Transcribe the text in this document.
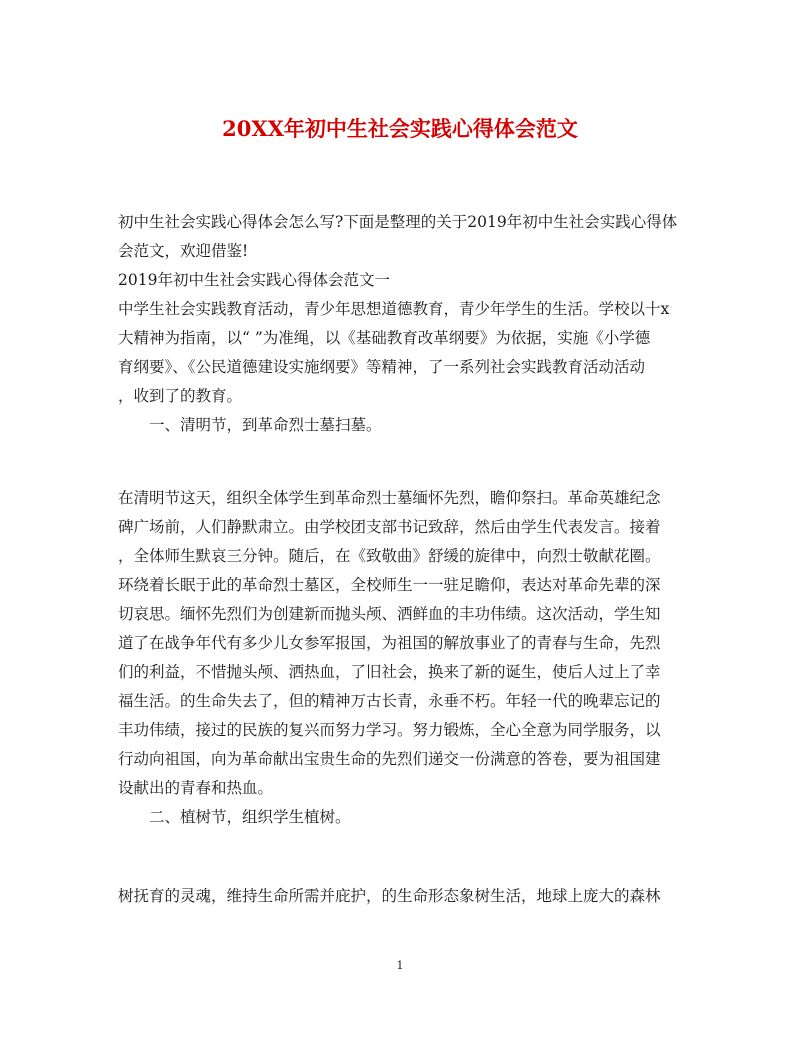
20XX年初中生社会实践心得体会范文
初中生社会实践心得体会怎么写?下面是整理的关于2019年初中生社会实践心得体
会范文，欢迎借鉴!
2019年初中生社会实践心得体会范文一
中学生社会实践教育活动，青少年思想道德教育，青少年学生的生活。学校以十x
大精神为指南，以“ ”为准绳，以《基础教育改革纲要》为依据，实施《小学德
育纲要》、《公民道德建设实施纲要》等精神，了一系列社会实践教育活动活动
，收到了的教育。
一、清明节，到革命烈士墓扫墓。
在清明节这天，组织全体学生到革命烈士墓缅怀先烈，瞻仰祭扫。革命英雄纪念
碑广场前，人们静默肃立。由学校团支部书记致辞，然后由学生代表发言。接着
，全体师生默哀三分钟。随后，在《致敬曲》舒缓的旋律中，向烈士敬献花圈。
环绕着长眠于此的革命烈士墓区，全校师生一一驻足瞻仰，表达对革命先辈的深
切哀思。缅怀先烈们为创建新而抛头颅、洒鲜血的丰功伟绩。这次活动，学生知
道了在战争年代有多少儿女参军报国，为祖国的解放事业了的青春与生命，先烈
们的利益，不惜抛头颅、洒热血，了旧社会，换来了新的诞生，使后人过上了幸
福生活。的生命失去了，但的精神万古长青，永垂不朽。年轻一代的晚辈忘记的
丰功伟绩，接过的民族的复兴而努力学习。努力锻炼，全心全意为同学服务，以
行动向祖国，向为革命献出宝贵生命的先烈们递交一份满意的答卷，要为祖国建
设献出的青春和热血。
二、植树节，组织学生植树。
树抚育的灵魂，维持生命所需并庇护，的生命形态象树生活，地球上庞大的森林
1
